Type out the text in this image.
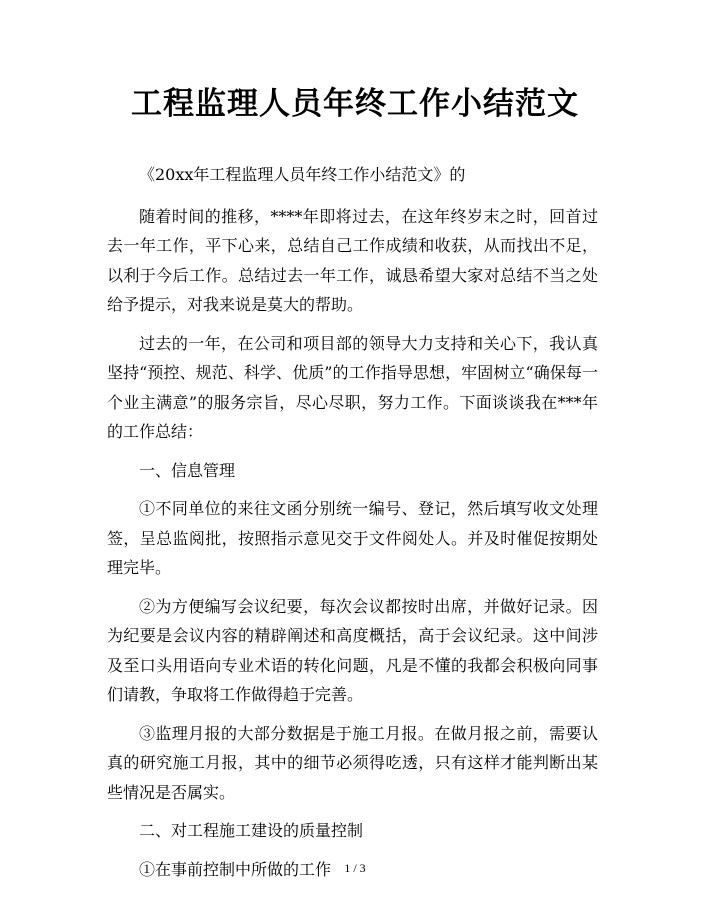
工程监理人员年终工作小结范文

《20xx年工程监理人员年终工作小结范文》的

随着时间的推移，****年即将过去，在这年终岁末之时，回首过去一年工作，平下心来，总结自己工作成绩和收获，从而找出不足，以利于今后工作。总结过去一年工作，诚恳希望大家对总结不当之处给予提示，对我来说是莫大的帮助。

过去的一年，在公司和项目部的领导大力支持和关心下，我认真坚持“预控、规范、科学、优质”的工作指导思想，牢固树立“确保每一个业主满意”的服务宗旨，尽心尽职，努力工作。下面谈谈我在***年的工作总结：

一、信息管理

①不同单位的来往文函分别统一编号、登记，然后填写收文处理签，呈总监阅批，按照指示意见交于文件阅处人。并及时催促按期处理完毕。

②为方便编写会议纪要，每次会议都按时出席，并做好记录。因为纪要是会议内容的精辟阐述和高度概括，高于会议纪录。这中间涉及至口头用语向专业术语的转化问题，凡是不懂的我都会积极向同事们请教，争取将工作做得趋于完善。

③监理月报的大部分数据是于施工月报。在做月报之前，需要认真的研究施工月报，其中的细节必须得吃透，只有这样才能判断出某些情况是否属实。

二、对工程施工建设的质量控制

①在事前控制中所做的工作	1 / 3
